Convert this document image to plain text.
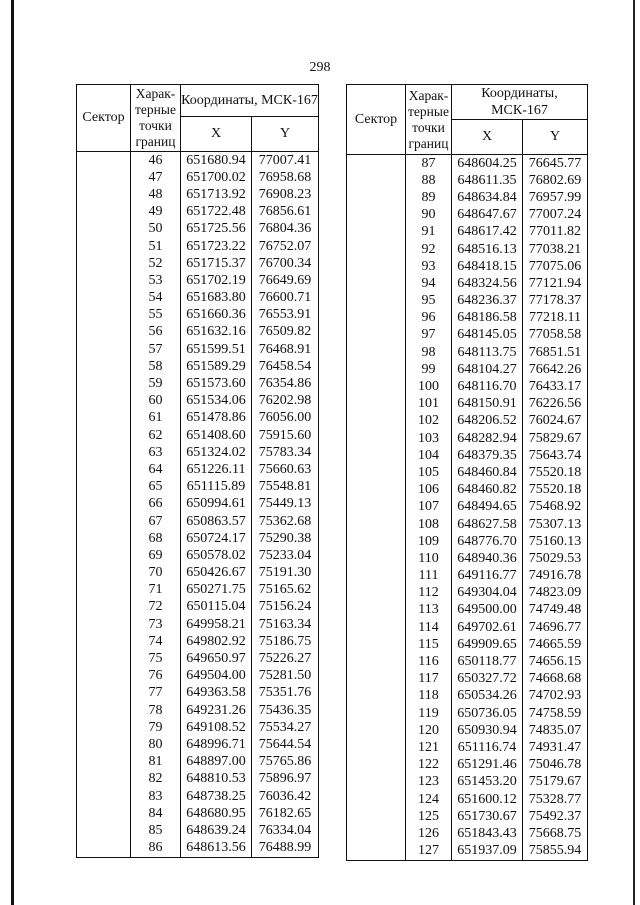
298
Сектор	Харак-терные точки границ	Координаты, МСК-167	
		X	Y
	46	651680.94	77007.41
	47	651700.02	76958.68
	48	651713.92	76908.23
	49	651722.48	76856.61
	50	651725.56	76804.36
	51	651723.22	76752.07
	52	651715.37	76700.34
	53	651702.19	76649.69
	54	651683.80	76600.71
	55	651660.36	76553.91
	56	651632.16	76509.82
	57	651599.51	76468.91
	58	651589.29	76458.54
	59	651573.60	76354.86
	60	651534.06	76202.98
	61	651478.86	76056.00
	62	651408.60	75915.60
	63	651324.02	75783.34
	64	651226.11	75660.63
	65	651115.89	75548.81
	66	650994.61	75449.13
	67	650863.57	75362.68
	68	650724.17	75290.38
	69	650578.02	75233.04
	70	650426.67	75191.30
	71	650271.75	75165.62
	72	650115.04	75156.24
	73	649958.21	75163.34
	74	649802.92	75186.75
	75	649650.97	75226.27
	76	649504.00	75281.50
	77	649363.58	75351.76
	78	649231.26	75436.35
	79	649108.52	75534.27
	80	648996.71	75644.54
	81	648897.00	75765.86
	82	648810.53	75896.97
	83	648738.25	76036.42
	84	648680.95	76182.65
	85	648639.24	76334.04
	86	648613.56	76488.99
Сектор	Харак-терные точки границ	Координаты, МСК-167	
		X	Y
	87	648604.25	76645.77
	88	648611.35	76802.69
	89	648634.84	76957.99
	90	648647.67	77007.24
	91	648617.42	77011.82
	92	648516.13	77038.21
	93	648418.15	77075.06
	94	648324.56	77121.94
	95	648236.37	77178.37
	96	648186.58	77218.11
	97	648145.05	77058.58
	98	648113.75	76851.51
	99	648104.27	76642.26
	100	648116.70	76433.17
	101	648150.91	76226.56
	102	648206.52	76024.67
	103	648282.94	75829.67
	104	648379.35	75643.74
	105	648460.84	75520.18
	106	648460.82	75520.18
	107	648494.65	75468.92
	108	648627.58	75307.13
	109	648776.70	75160.13
	110	648940.36	75029.53
	111	649116.77	74916.78
	112	649304.04	74823.09
	113	649500.00	74749.48
	114	649702.61	74696.77
	115	649909.65	74665.59
	116	650118.77	74656.15
	117	650327.72	74668.68
	118	650534.26	74702.93
	119	650736.05	74758.59
	120	650930.94	74835.07
	121	651116.74	74931.47
	122	651291.46	75046.78
	123	651453.20	75179.67
	124	651600.12	75328.77
	125	651730.67	75492.37
	126	651843.43	75668.75
	127	651937.09	75855.94
